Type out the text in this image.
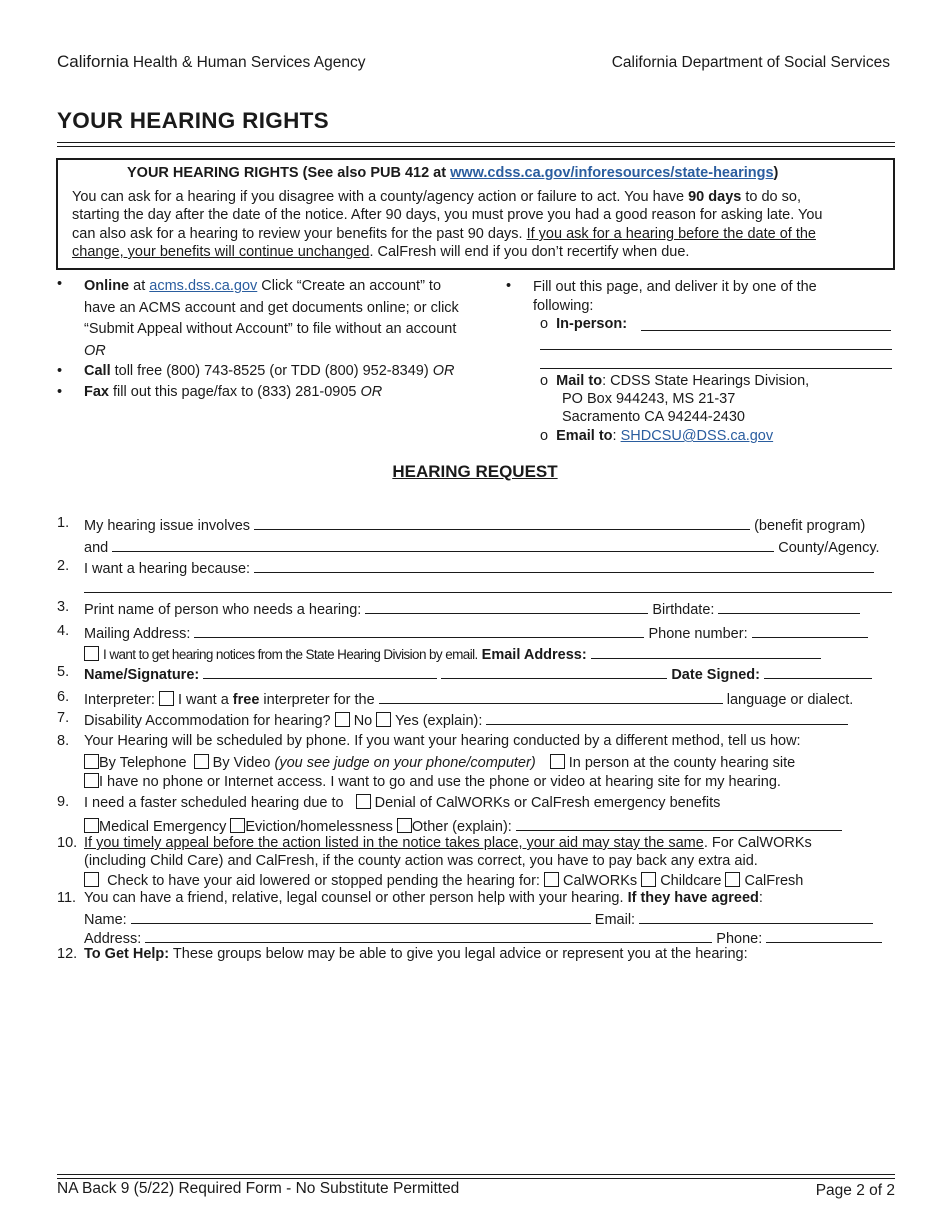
California Health & Human Services Agency	California Department of Social Services
YOUR HEARING RIGHTS
YOUR HEARING RIGHTS (See also PUB 412 at www.cdss.ca.gov/inforesources/state-hearings)
You can ask for a hearing if you disagree with a county/agency action or failure to act. You have 90 days to do so,
starting the day after the date of the notice. After 90 days, you must prove you had a good reason for asking late. You
can also ask for a hearing to review your benefits for the past 90 days. If you ask for a hearing before the date of the
change, your benefits will continue unchanged. CalFresh will end if you don’t recertify when due.
• Online at acms.dss.ca.gov Click “Create an account” to
have an ACMS account and get documents online; or click
“Submit Appeal without Account” to file without an account
OR
• Call toll free (800) 743-8525 (or TDD (800) 952-8349) OR
• Fax fill out this page/fax to (833) 281-0905 OR
• Fill out this page, and deliver it by one of the
following:
o In-person:
o Mail to: CDSS State Hearings Division,
PO Box 944243, MS 21-37
Sacramento CA 94244-2430
o Email to: SHDCSU@DSS.ca.gov
HEARING REQUEST
1. My hearing issue involves	(benefit program)
and	County/Agency.
2. I want a hearing because:
3. Print name of person who needs a hearing:	Birthdate:
4. Mailing Address:	Phone number:
I want to get hearing notices from the State Hearing Division by email. Email Address:
5. Name/Signature:	Date Signed:
6. Interpreter: I want a free interpreter for the	language or dialect.
7. Disability Accommodation for hearing? No Yes (explain):
8. Your Hearing will be scheduled by phone. If you want your hearing conducted by a different method, tell us how:
By Telephone By Video (you see judge on your phone/computer) In person at the county hearing site
I have no phone or Internet access. I want to go and use the phone or video at hearing site for my hearing.
9. I need a faster scheduled hearing due to Denial of CalWORKs or CalFresh emergency benefits
Medical Emergency Eviction/homelessness Other (explain):
10. If you timely appeal before the action listed in the notice takes place, your aid may stay the same. For CalWORKs
(including Child Care) and CalFresh, if the county action was correct, you have to pay back any extra aid.
Check to have your aid lowered or stopped pending the hearing for: CalWORKs Childcare CalFresh
11. You can have a friend, relative, legal counsel or other person help with your hearing. If they have agreed:
Name:	Email:
Address:	Phone:
12. To Get Help: These groups below may be able to give you legal advice or represent you at the hearing:
NA Back 9 (5/22) Required Form - No Substitute Permitted	Page 2 of 2
